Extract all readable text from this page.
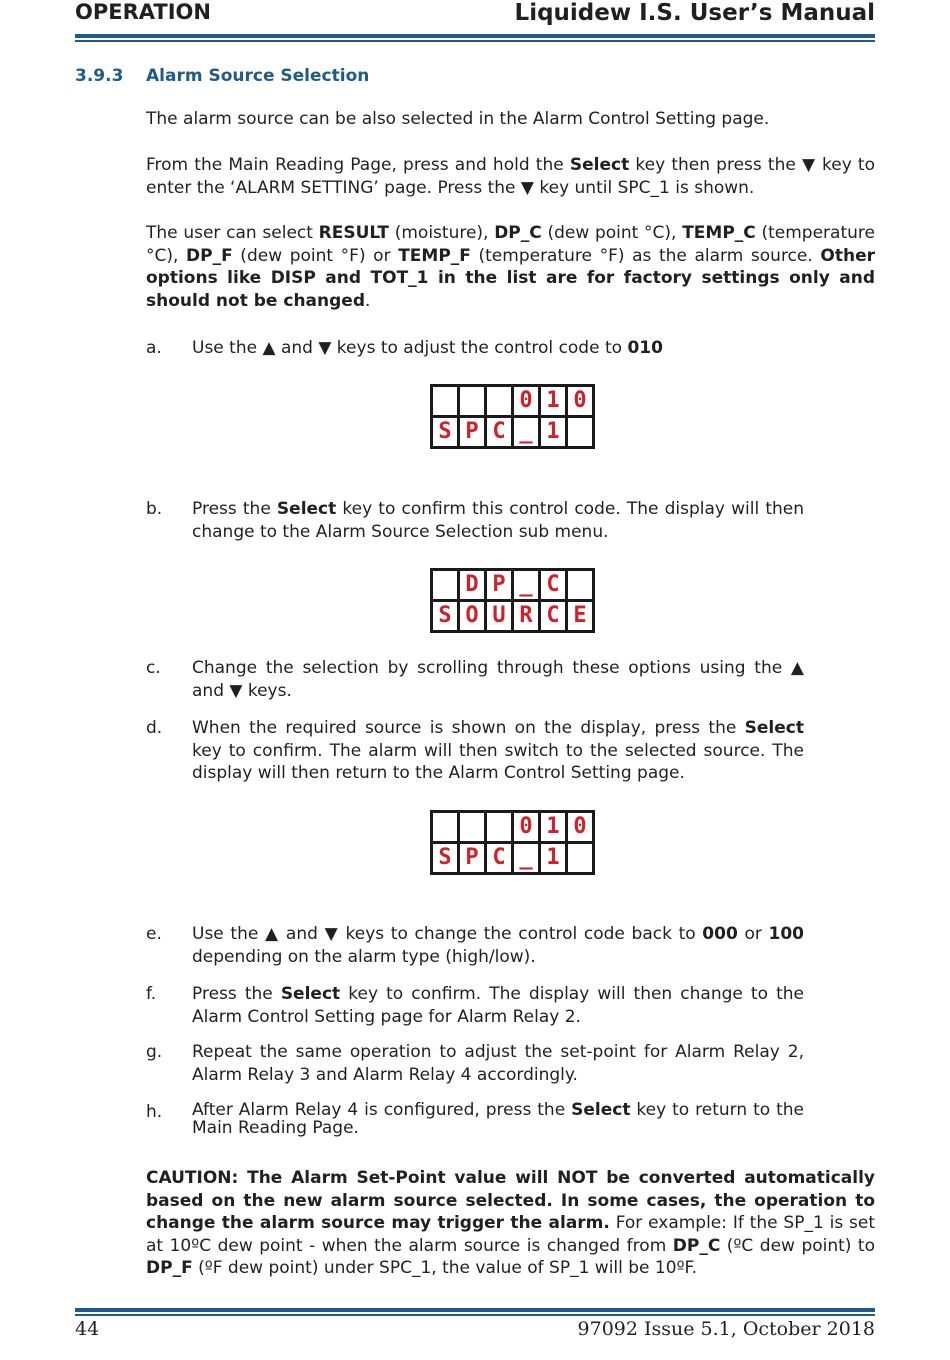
OPERATION	Liquidew I.S. User’s Manual
3.9.3 Alarm Source Selection
The alarm source can be also selected in the Alarm Control Setting page.
From the Main Reading Page, press and hold the Select key then press the ▼ key to enter the ‘ALARM SETTING’ page. Press the ▼ key until SPC_1 is shown.
The user can select RESULT (moisture), DP_C (dew point °C), TEMP_C (temperature °C), DP_F (dew point °F) or TEMP_F (temperature °F) as the alarm source. Other options like DISP and TOT_1 in the list are for factory settings only and should not be changed.
a. Use the ▲ and ▼ keys to adjust the control code to 010
0 1 0
S P C _ 1
b. Press the Select key to confirm this control code. The display will then change to the Alarm Source Selection sub menu.
D P _ C
S O U R C E
c. Change the selection by scrolling through these options using the ▲ and ▼ keys.
d. When the required source is shown on the display, press the Select key to confirm. The alarm will then switch to the selected source. The display will then return to the Alarm Control Setting page.
0 1 0
S P C _ 1
e. Use the ▲ and ▼ keys to change the control code back to 000 or 100 depending on the alarm type (high/low).
f. Press the Select key to confirm. The display will then change to the Alarm Control Setting page for Alarm Relay 2.
g. Repeat the same operation to adjust the set-point for Alarm Relay 2, Alarm Relay 3 and Alarm Relay 4 accordingly.
h. After Alarm Relay 4 is configured, press the Select key to return to the Main Reading Page.
CAUTION: The Alarm Set-Point value will NOT be converted automatically based on the new alarm source selected. In some cases, the operation to change the alarm source may trigger the alarm. For example: If the SP_1 is set at 10ºC dew point - when the alarm source is changed from DP_C (ºC dew point) to DP_F (ºF dew point) under SPC_1, the value of SP_1 will be 10ºF.
44	97092 Issue 5.1, October 2018
